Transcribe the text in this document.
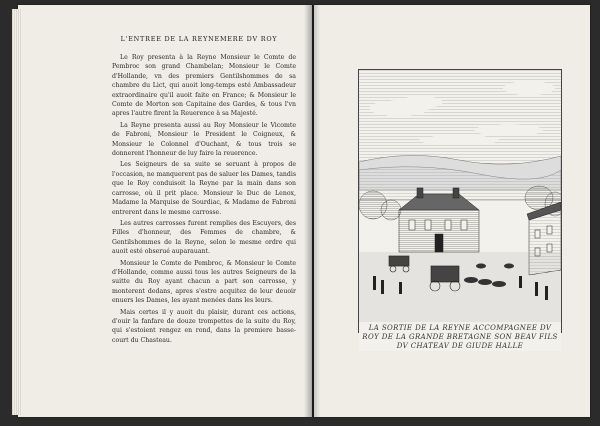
L'ENTREE DE LA REYNEMERE DV ROY

Le Roy presenta à la Reyne Monsieur le Comte de Pembroc son grand Chambelan; Monsieur le Comte d'Hollande, vn des premiers Gentilshommes de sa chambre du Lict, qui auoit long-temps esté Ambassadeur extraordinaire qu'il auoit faite en France; & Monsieur le Comte de Morton son Capitaine des Gardes, & tous l'vn apres l'autre firent la Reuerence à sa Majesté.

La Reyne presenta aussi au Roy Monsieur le Vicomte de Fabroni, Monsieur le President le Coigneux, & Monsieur le Colonnel d'Ouchant, & tous trois se donnerent l'honneur de luy faire la reuerence.

Les Seigneurs de sa suite se seruant à propos de l'occasion, ne manquerent pas de saluer les Dames, tandis que le Roy conduisoit la Reyne par la main dans son carrosse, où il prit place. Monsieur le Duc de Lenox, Madame la Marquise de Sourdiac, & Madame de Fabroni entrerent dans le mesme carrosse.

Les autres carrosses furent remplies des Escuyers, des Filles d'honneur, des Femmes de chambre, & Gentilshommes de la Reyne, selon le mesme ordre qui auoit esté obserué auparauant.

Monsieur le Comte de Pembroc, & Monsieur le Comte d'Hollande, comme aussi tous les autres Seigneurs de la suitte du Roy ayant chacun a part son carrosse, y monterent dedans, apres s'estre acquitez de leur deuoir enuers les Dames, les ayant menées dans les leurs.

Mais certes il y auoit du plaisir, durant ces actions, d'ouir la fanfare de douze trompettes de la suite du Roy, qui s'estoient rengez en rond, dans la premiere basse-court du Chasteau.

LA SORTIE DE LA REYNE ACCOMPAGNEE DV ROY DE LA GRANDE BRETAGNE SON BEAV FILS DV CHATEAV DE GIUDE HALLE
